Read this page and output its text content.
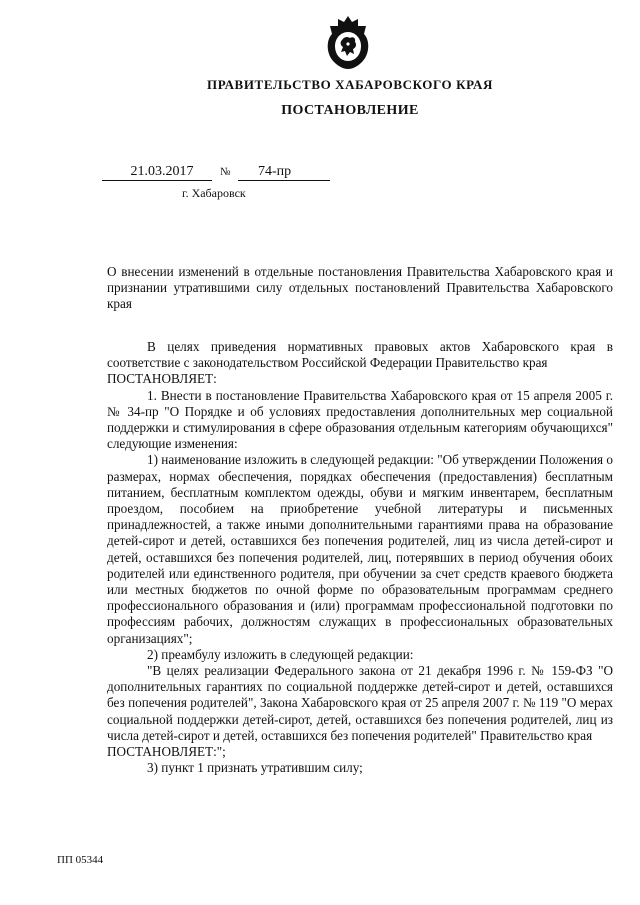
ПРАВИТЕЛЬСТВО ХАБАРОВСКОГО КРАЯ
ПОСТАНОВЛЕНИЕ
21.03.2017	№	74-пр
г. Хабаровск
О внесении изменений в отдельные постановления Правительства Хабаровского края и признании утратившими силу отдельных постановлений Правительства Хабаровского края

В целях приведения нормативных правовых актов Хабаровского края в соответствие с законодательством Российской Федерации Правительство края

ПОСТАНОВЛЯЕТ:

1. Внести в постановление Правительства Хабаровского края от 15 апреля 2005 г. № 34-пр "О Порядке и об условиях предоставления дополнительных мер социальной поддержки и стимулирования в сфере образования отдельным категориям обучающихся" следующие изменения:

1) наименование изложить в следующей редакции: "Об утверждении Положения о размерах, нормах обеспечения, порядках обеспечения (предоставления) бесплатным питанием, бесплатным комплектом одежды, обуви и мягким инвентарем, бесплатным проездом, пособием на приобретение учебной литературы и письменных принадлежностей, а также иными дополнительными гарантиями права на образование детей-сирот и детей, оставшихся без попечения родителей, лиц из числа детей-сирот и детей, оставшихся без попечения родителей, лиц, потерявших в период обучения обоих родителей или единственного родителя, при обучении за счет средств краевого бюджета или местных бюджетов по очной форме по образовательным программам среднего профессионального образования и (или) программам профессиональной подготовки по профессиям рабочих, должностям служащих в профессиональных образовательных организациях";

2) преамбулу изложить в следующей редакции:

"В целях реализации Федерального закона от 21 декабря 1996 г. № 159-ФЗ "О дополнительных гарантиях по социальной поддержке детей-сирот и детей, оставшихся без попечения родителей", Закона Хабаровского края от 25 апреля 2007 г. № 119 "О мерах социальной поддержки детей-сирот, детей, оставшихся без попечения родителей, лиц из числа детей-сирот и детей, оставшихся без попечения родителей" Правительство края

ПОСТАНОВЛЯЕТ:";

3) пункт 1 признать утратившим силу;

ПП 05344
